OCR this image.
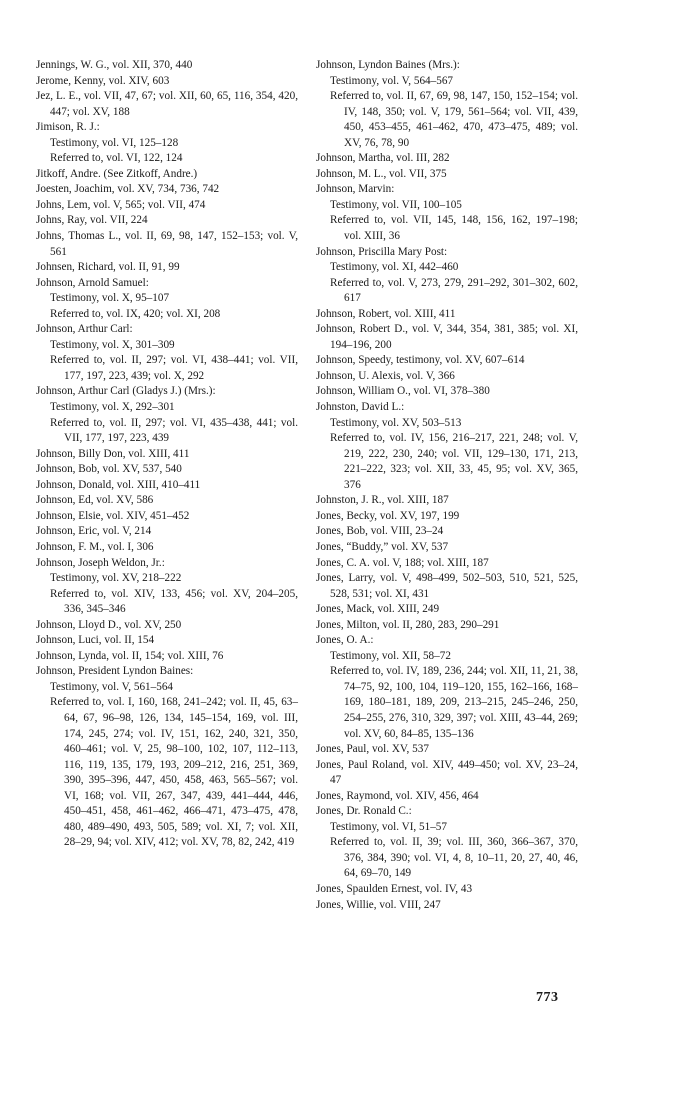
Jennings, W. G., vol. XII, 370, 440

Jerome, Kenny, vol. XIV, 603

Jez, L. E., vol. VII, 47, 67; vol. XII, 60, 65, 116, 354, 420, 447; vol. XV, 188

Jimison, R. J.:

Testimony, vol. VI, 125–128

Referred to, vol. VI, 122, 124

Jitkoff, Andre. (See Zitkoff, Andre.)

Joesten, Joachim, vol. XV, 734, 736, 742

Johns, Lem, vol. V, 565; vol. VII, 474

Johns, Ray, vol. VII, 224

Johns, Thomas L., vol. II, 69, 98, 147, 152–153; vol. V, 561

Johnsen, Richard, vol. II, 91, 99

Johnson, Arnold Samuel:

Testimony, vol. X, 95–107

Referred to, vol. IX, 420; vol. XI, 208

Johnson, Arthur Carl:

Testimony, vol. X, 301–309

Referred to, vol. II, 297; vol. VI, 438–441; vol. VII, 177, 197, 223, 439; vol. X, 292

Johnson, Arthur Carl (Gladys J.) (Mrs.):

Testimony, vol. X, 292–301

Referred to, vol. II, 297; vol. VI, 435–438, 441; vol. VII, 177, 197, 223, 439

Johnson, Billy Don, vol. XIII, 411

Johnson, Bob, vol. XV, 537, 540

Johnson, Donald, vol. XIII, 410–411

Johnson, Ed, vol. XV, 586

Johnson, Elsie, vol. XIV, 451–452

Johnson, Eric, vol. V, 214

Johnson, F. M., vol. I, 306

Johnson, Joseph Weldon, Jr.:

Testimony, vol. XV, 218–222

Referred to, vol. XIV, 133, 456; vol. XV, 204–205, 336, 345–346

Johnson, Lloyd D., vol. XV, 250

Johnson, Luci, vol. II, 154

Johnson, Lynda, vol. II, 154; vol. XIII, 76

Johnson, President Lyndon Baines:

Testimony, vol. V, 561–564

Referred to, vol. I, 160, 168, 241–242; vol. II, 45, 63–64, 67, 96–98, 126, 134, 145–154, 169, vol. III, 174, 245, 274; vol. IV, 151, 162, 240, 321, 350, 460–461; vol. V, 25, 98–100, 102, 107, 112–113, 116, 119, 135, 179, 193, 209–212, 216, 251, 369, 390, 395–396, 447, 450, 458, 463, 565–567; vol. VI, 168; vol. VII, 267, 347, 439, 441–444, 446, 450–451, 458, 461–462, 466–471, 473–475, 478, 480, 489–490, 493, 505, 589; vol. XI, 7; vol. XII, 28–29, 94; vol. XIV, 412; vol. XV, 78, 82, 242, 419

Johnson, Lyndon Baines (Mrs.):

Testimony, vol. V, 564–567

Referred to, vol. II, 67, 69, 98, 147, 150, 152–154; vol. IV, 148, 350; vol. V, 179, 561–564; vol. VII, 439, 450, 453–455, 461–462, 470, 473–475, 489; vol. XV, 76, 78, 90

Johnson, Martha, vol. III, 282

Johnson, M. L., vol. VII, 375

Johnson, Marvin:

Testimony, vol. VII, 100–105

Referred to, vol. VII, 145, 148, 156, 162, 197–198; vol. XIII, 36

Johnson, Priscilla Mary Post:

Testimony, vol. XI, 442–460

Referred to, vol. V, 273, 279, 291–292, 301–302, 602, 617

Johnson, Robert, vol. XIII, 411

Johnson, Robert D., vol. V, 344, 354, 381, 385; vol. XI, 194–196, 200

Johnson, Speedy, testimony, vol. XV, 607–614

Johnson, U. Alexis, vol. V, 366

Johnson, William O., vol. VI, 378–380

Johnston, David L.:

Testimony, vol. XV, 503–513

Referred to, vol. IV, 156, 216–217, 221, 248; vol. V, 219, 222, 230, 240; vol. VII, 129–130, 171, 213, 221–222, 323; vol. XII, 33, 45, 95; vol. XV, 365, 376

Johnston, J. R., vol. XIII, 187

Jones, Becky, vol. XV, 197, 199

Jones, Bob, vol. VIII, 23–24

Jones, “Buddy,” vol. XV, 537

Jones, C. A. vol. V, 188; vol. XIII, 187

Jones, Larry, vol. V, 498–499, 502–503, 510, 521, 525, 528, 531; vol. XI, 431

Jones, Mack, vol. XIII, 249

Jones, Milton, vol. II, 280, 283, 290–291

Jones, O. A.:

Testimony, vol. XII, 58–72

Referred to, vol. IV, 189, 236, 244; vol. XII, 11, 21, 38, 74–75, 92, 100, 104, 119–120, 155, 162–166, 168–169, 180–181, 189, 209, 213–215, 245–246, 250, 254–255, 276, 310, 329, 397; vol. XIII, 43–44, 269; vol. XV, 60, 84–85, 135–136

Jones, Paul, vol. XV, 537

Jones, Paul Roland, vol. XIV, 449–450; vol. XV, 23–24, 47

Jones, Raymond, vol. XIV, 456, 464

Jones, Dr. Ronald C.:

Testimony, vol. VI, 51–57

Referred to, vol. II, 39; vol. III, 360, 366–367, 370, 376, 384, 390; vol. VI, 4, 8, 10–11, 20, 27, 40, 46, 64, 69–70, 149

Jones, Spaulden Ernest, vol. IV, 43

Jones, Willie, vol. VIII, 247

773
